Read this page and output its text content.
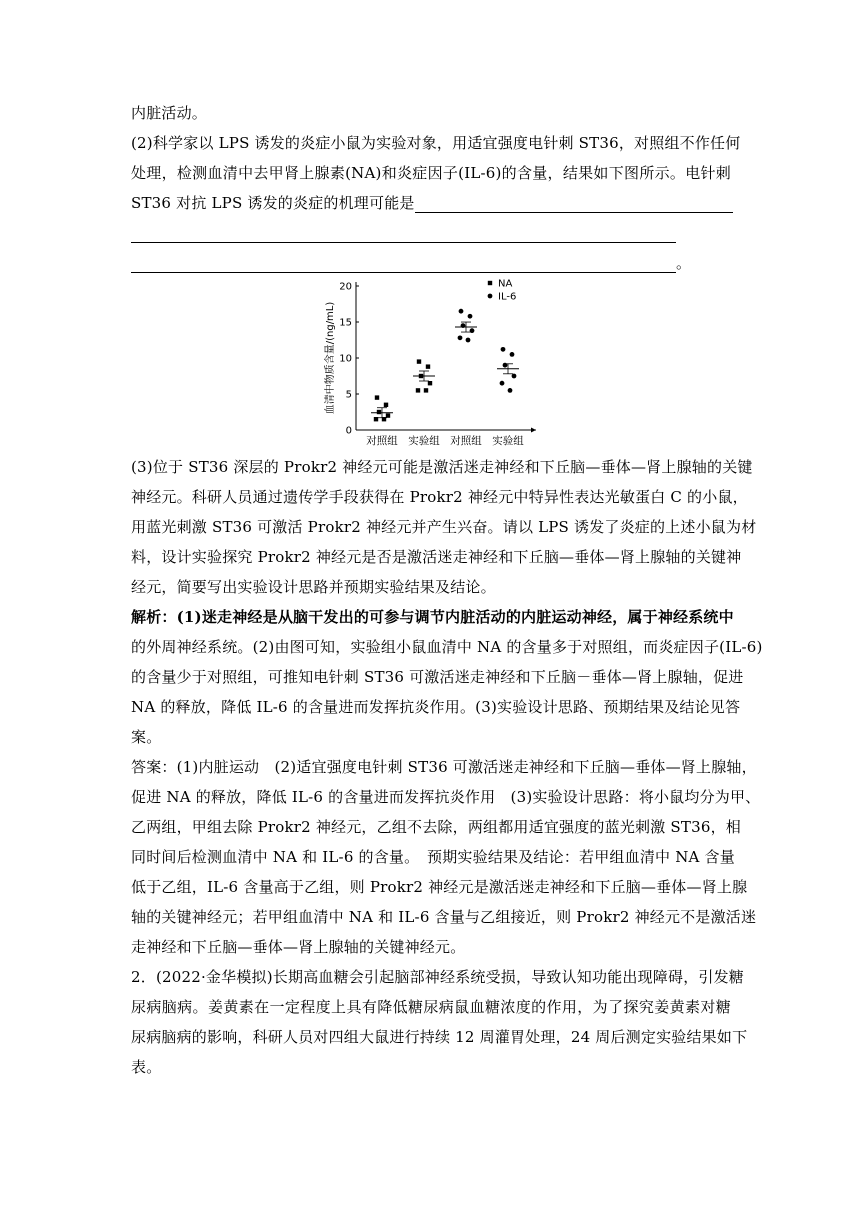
内脏活动。
(2)科学家以 LPS 诱发的炎症小鼠为实验对象，用适宜强度电针刺 ST36，对照组不作任何
处理，检测血清中去甲肾上腺素(NA)和炎症因子(IL-6)的含量，结果如下图所示。电针刺
ST36 对抗 LPS 诱发的炎症的机理可能是
。
0
5
10
15
20
血清中物质含量/(ng/mL)
对照组 实验组 对照组 实验组
NA
IL-6
(3)位于 ST36 深层的 Prokr2 神经元可能是激活迷走神经和下丘脑—垂体—肾上腺轴的关键
神经元。科研人员通过遗传学手段获得在 Prokr2 神经元中特异性表达光敏蛋白 C 的小鼠，
用蓝光刺激 ST36 可激活 Prokr2 神经元并产生兴奋。请以 LPS 诱发了炎症的上述小鼠为材
料，设计实验探究 Prokr2 神经元是否是激活迷走神经和下丘脑—垂体—肾上腺轴的关键神
经元，简要写出实验设计思路并预期实验结果及结论。
解析：(1)迷走神经是从脑干发出的可参与调节内脏活动的内脏运动神经，属于神经系统中
的外周神经系统。(2)由图可知，实验组小鼠血清中 NA 的含量多于对照组，而炎症因子(IL-6)
的含量少于对照组，可推知电针刺 ST36 可激活迷走神经和下丘脑－垂体—肾上腺轴，促进
NA 的释放，降低 IL-6 的含量进而发挥抗炎作用。(3)实验设计思路、预期结果及结论见答
案。
答案：(1)内脏运动　(2)适宜强度电针刺 ST36 可激活迷走神经和下丘脑—垂体—肾上腺轴，
促进 NA 的释放，降低 IL-6 的含量进而发挥抗炎作用　(3)实验设计思路：将小鼠均分为甲、
乙两组，甲组去除 Prokr2 神经元，乙组不去除，两组都用适宜强度的蓝光刺激 ST36，相
同时间后检测血清中 NA 和 IL-6 的含量。　预期实验结果及结论：若甲组血清中 NA 含量
低于乙组，IL-6 含量高于乙组，则 Prokr2 神经元是激活迷走神经和下丘脑—垂体—肾上腺
轴的关键神经元；若甲组血清中 NA 和 IL-6 含量与乙组接近，则 Prokr2 神经元不是激活迷
走神经和下丘脑—垂体—肾上腺轴的关键神经元。
2．(2022·金华模拟)长期高血糖会引起脑部神经系统受损，导致认知功能出现障碍，引发糖
尿病脑病。姜黄素在一定程度上具有降低糖尿病鼠血糖浓度的作用，为了探究姜黄素对糖
尿病脑病的影响，科研人员对四组大鼠进行持续 12 周灌胃处理，24 周后测定实验结果如下
表。
